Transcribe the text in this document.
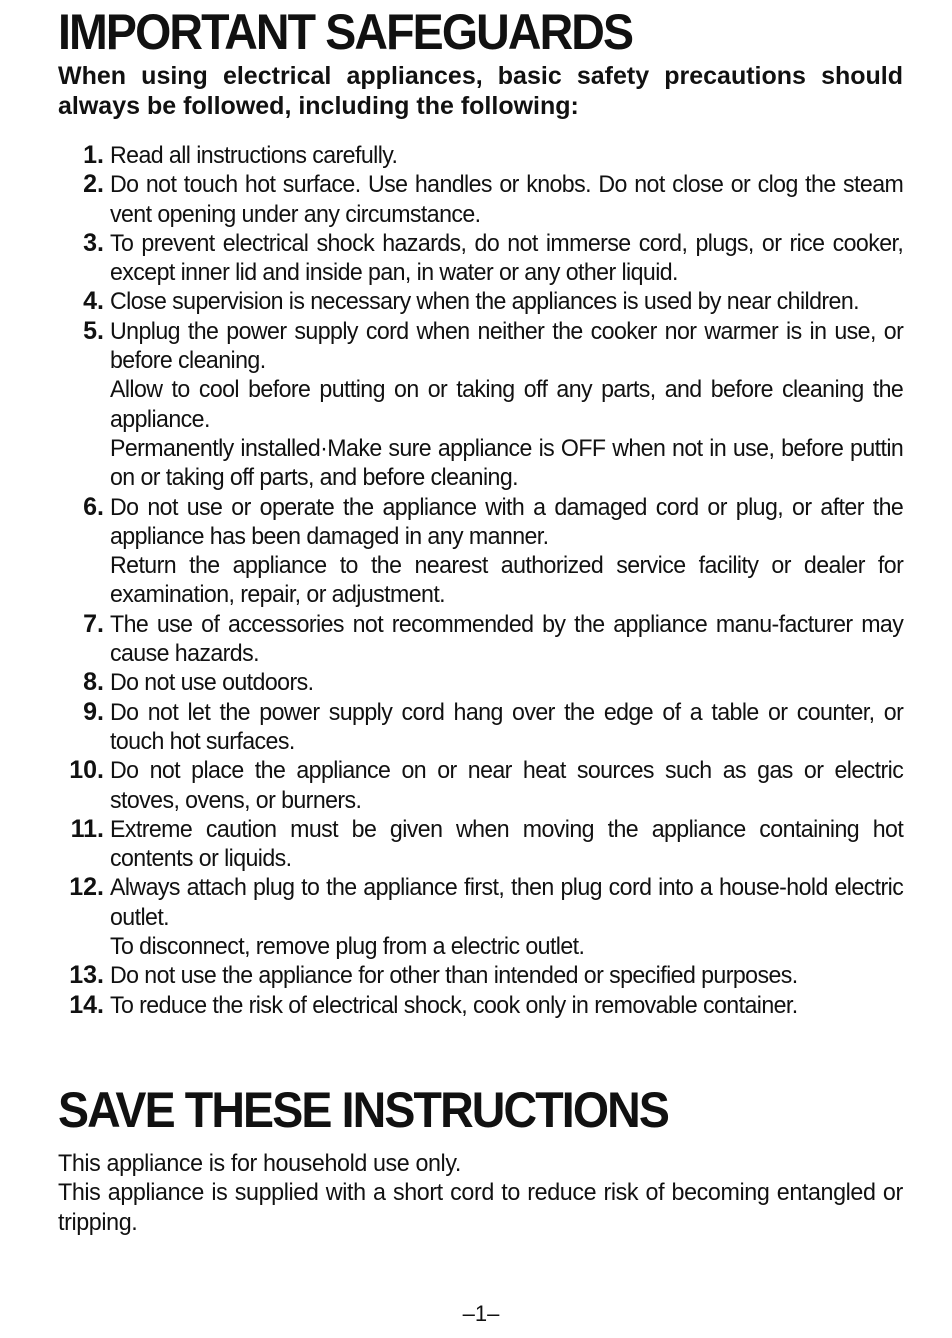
IMPORTANT SAFEGUARDS

When using electrical appliances, basic safety precautions should always be followed, including the following:

1. Read all instructions carefully.

2. Do not touch hot surface. Use handles or knobs. Do not close or clog the steam vent opening under any circumstance.

3. To prevent electrical shock hazards, do not immerse cord, plugs, or rice cooker, except inner lid and inside pan, in water or any other liquid.

4. Close supervision is necessary when the appliances is used by near children.

5. Unplug the power supply cord when neither the cooker nor warmer is in use, or before cleaning.

Allow to cool before putting on or taking off any parts, and before cleaning the appliance.

Permanently installed·Make sure appliance is OFF when not in use, before puttin on or taking off parts, and before cleaning.

6. Do not use or operate the appliance with a damaged cord or plug, or after the appliance has been damaged in any manner.

Return the appliance to the nearest authorized service facility or dealer for examination, repair, or adjustment.

7. The use of accessories not recommended by the appliance manu-facturer may cause hazards.

8. Do not use outdoors.

9. Do not let the power supply cord hang over the edge of a table or counter, or touch hot surfaces.

10. Do not place the appliance on or near heat sources such as gas or electric stoves, ovens, or burners.

11. Extreme caution must be given when moving the appliance containing hot contents or liquids.

12. Always attach plug to the appliance first, then plug cord into a house-hold electric outlet.

To disconnect, remove plug from a electric outlet.

13. Do not use the appliance for other than intended or specified purposes.

14. To reduce the risk of electrical shock, cook only in removable container.

SAVE THESE INSTRUCTIONS

This appliance is for household use only.

This appliance is supplied with a short cord to reduce risk of becoming entangled or tripping.

–1–
